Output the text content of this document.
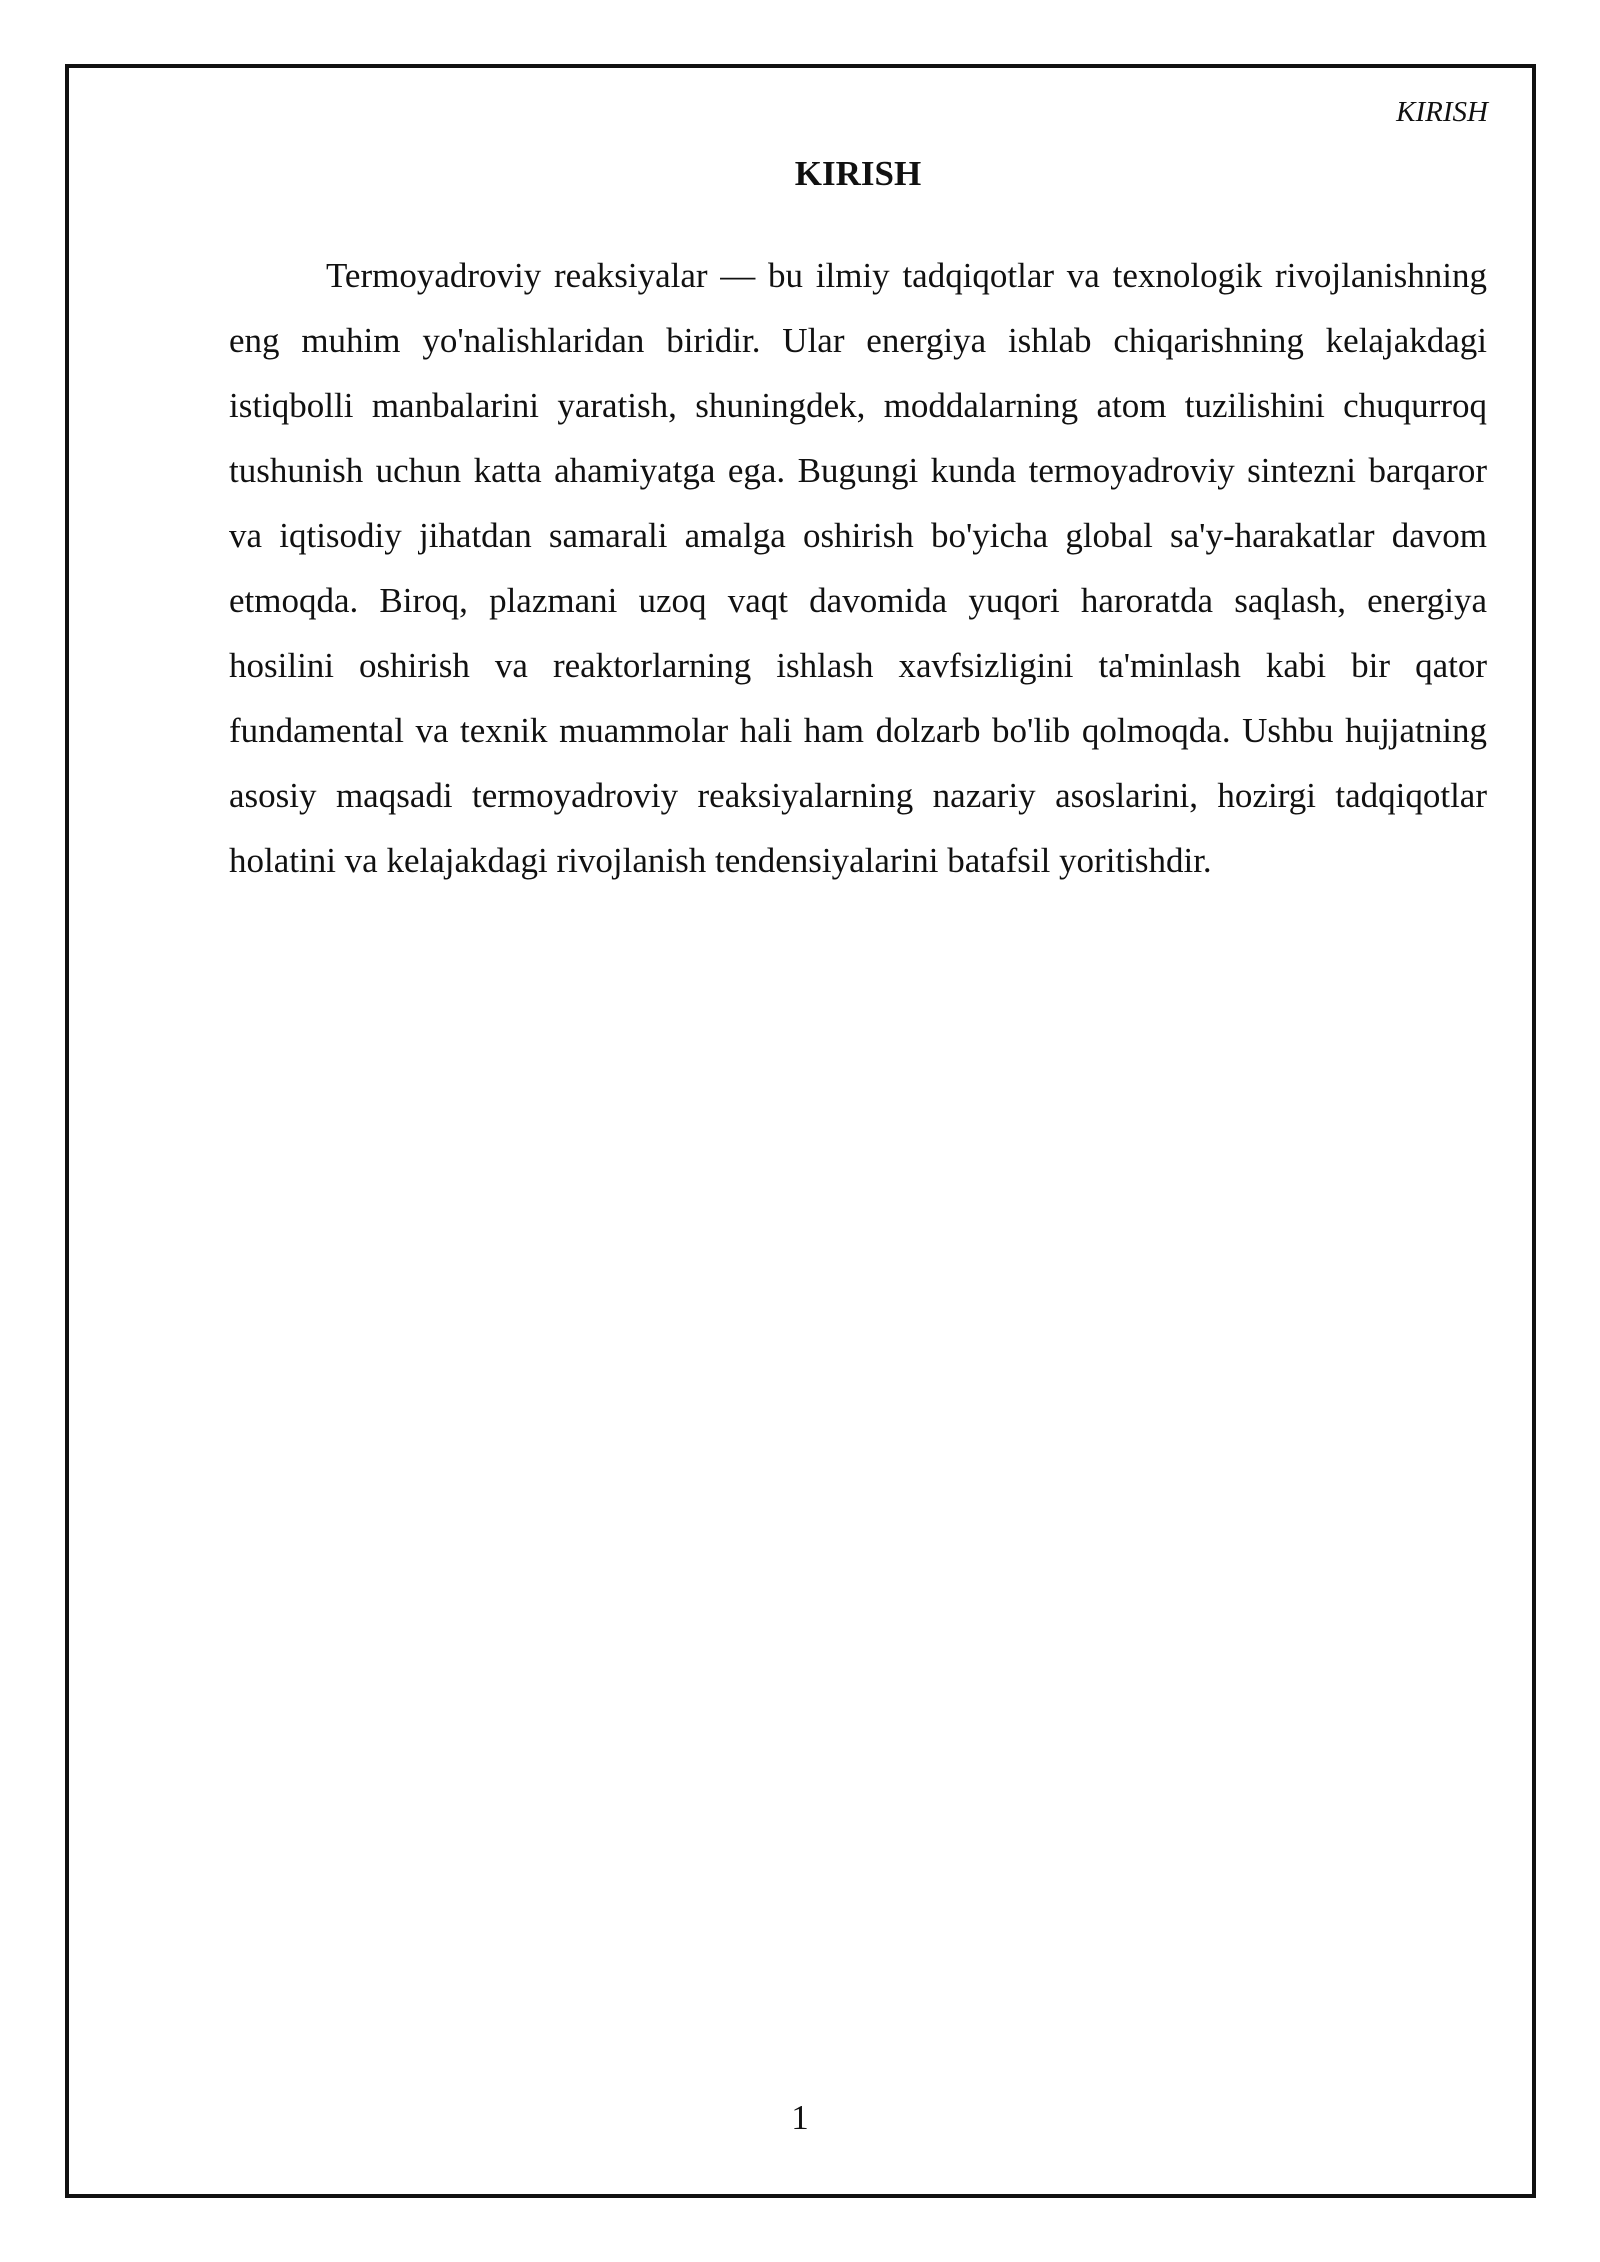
KIRISH
KIRISH

Termoyadroviy reaksiyalar — bu ilmiy tadqiqotlar va texnologik rivojlanishning eng muhim yo'nalishlaridan biridir. Ular energiya ishlab chiqarishning kelajakdagi istiqbolli manbalarini yaratish, shuningdek, moddalarning atom tuzilishini chuqurroq tushunish uchun katta ahamiyatga ega. Bugungi kunda termoyadroviy sintezni barqaror va iqtisodiy jihatdan samarali amalga oshirish bo'yicha global sa'y-harakatlar davom etmoqda. Biroq, plazmani uzoq vaqt davomida yuqori haroratda saqlash, energiya hosilini oshirish va reaktorlarning ishlash xavfsizligini ta'minlash kabi bir qator fundamental va texnik muammolar hali ham dolzarb bo'lib qolmoqda. Ushbu hujjatning asosiy maqsadi termoyadroviy reaksiyalarning nazariy asoslarini, hozirgi tadqiqotlar holatini va kelajakdagi rivojlanish tendensiyalarini batafsil yoritishdir.

1
